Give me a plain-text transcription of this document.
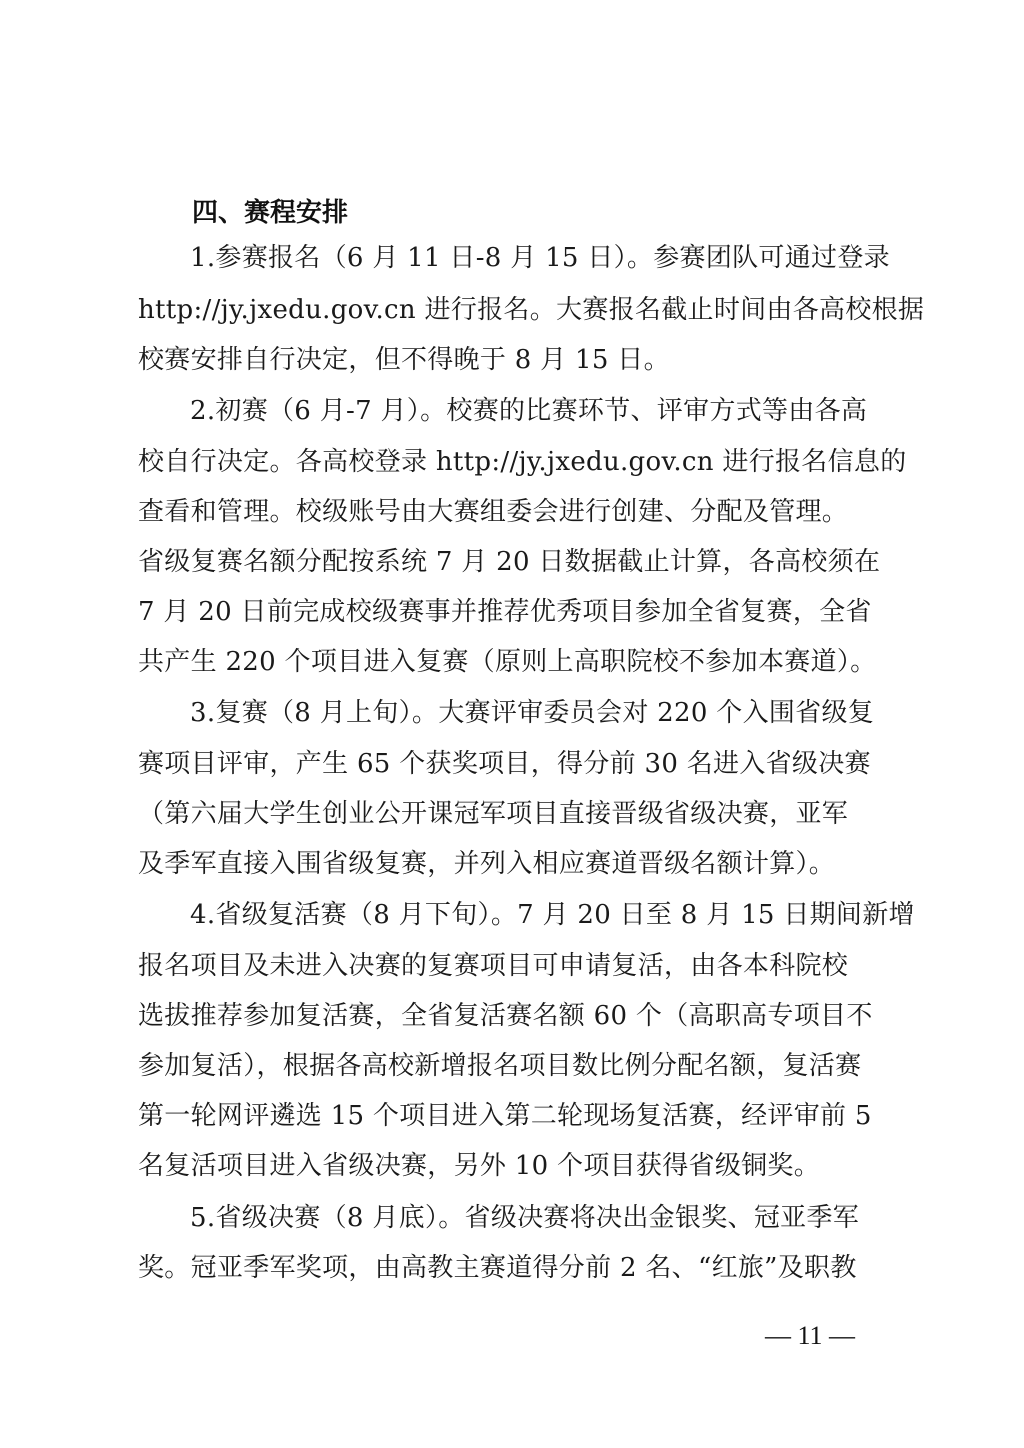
四、赛程安排
1.参赛报名（6 月 11 日-8 月 15 日）。参赛团队可通过登录
http://jy.jxedu.gov.cn 进行报名。大赛报名截止时间由各高校根据
校赛安排自行决定，但不得晚于 8 月 15 日。
2.初赛（6 月-7 月）。校赛的比赛环节、评审方式等由各高
校自行决定。各高校登录 http://jy.jxedu.gov.cn 进行报名信息的
查看和管理。校级账号由大赛组委会进行创建、分配及管理。
省级复赛名额分配按系统 7 月 20 日数据截止计算，各高校须在
7 月 20 日前完成校级赛事并推荐优秀项目参加全省复赛，全省
共产生 220 个项目进入复赛（原则上高职院校不参加本赛道）。
3.复赛（8 月上旬）。大赛评审委员会对 220 个入围省级复
赛项目评审，产生 65 个获奖项目，得分前 30 名进入省级决赛
（第六届大学生创业公开课冠军项目直接晋级省级决赛，亚军
及季军直接入围省级复赛，并列入相应赛道晋级名额计算）。
4.省级复活赛（8 月下旬）。7 月 20 日至 8 月 15 日期间新增
报名项目及未进入决赛的复赛项目可申请复活，由各本科院校
选拔推荐参加复活赛，全省复活赛名额 60 个（高职高专项目不
参加复活），根据各高校新增报名项目数比例分配名额，复活赛
第一轮网评遴选 15 个项目进入第二轮现场复活赛，经评审前 5
名复活项目进入省级决赛，另外 10 个项目获得省级铜奖。
5.省级决赛（8 月底）。省级决赛将决出金银奖、冠亚季军
奖。冠亚季军奖项，由高教主赛道得分前 2 名、“红旅”及职教
— 11 —
